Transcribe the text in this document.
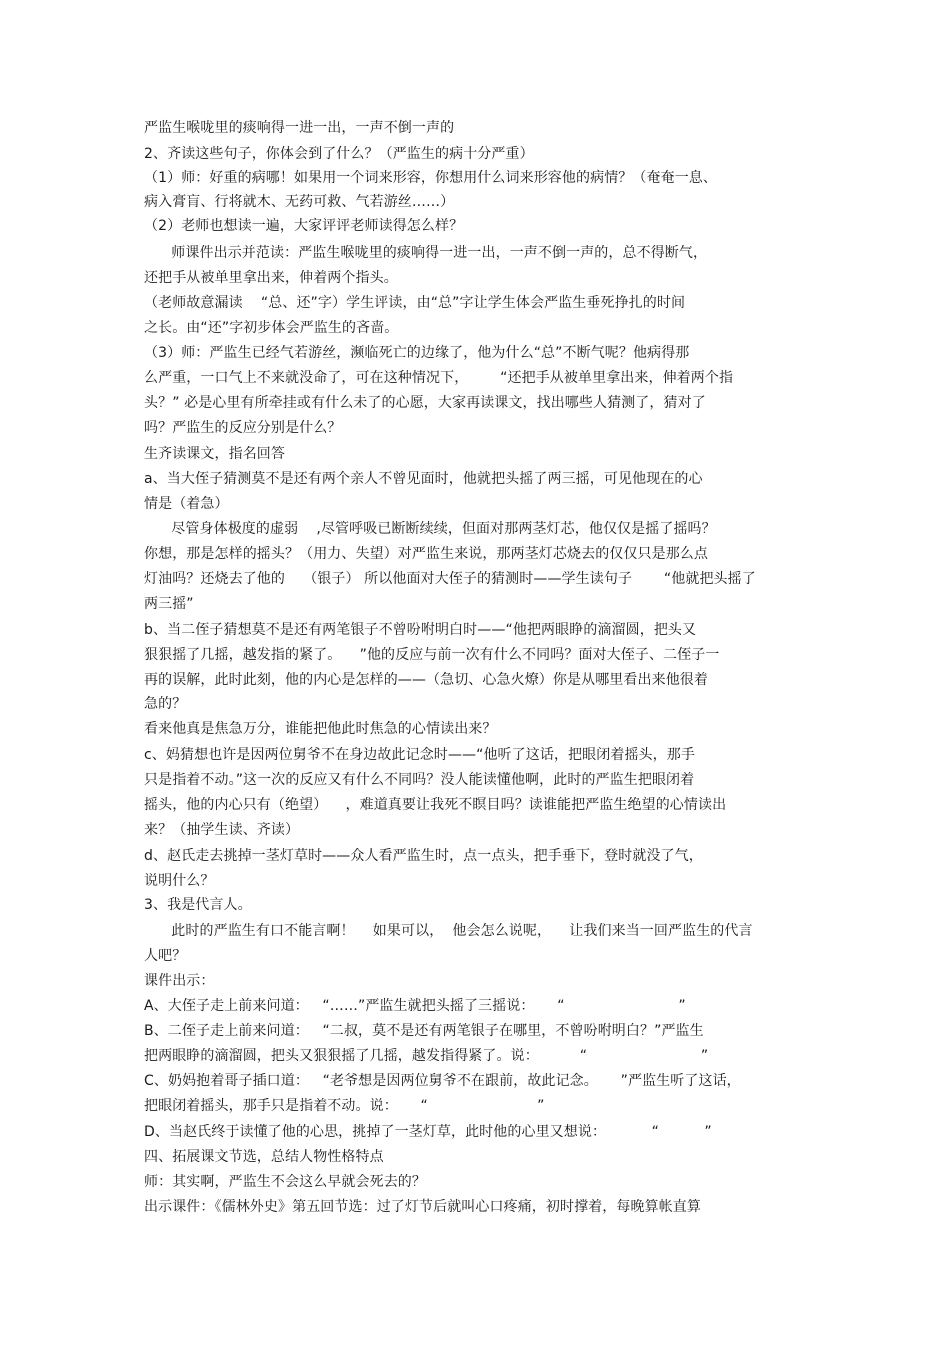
严监生喉咙里的痰响得一进一出，一声不倒一声的
2、齐读这些句子，你体会到了什么？（严监生的病十分严重）
（1）师：好重的病哪！如果用一个词来形容，你想用什么词来形容他的病情？（奄奄一息、
病入膏肓、行将就木、无药可救、气若游丝……）
（2）老师也想读一遍，大家评评老师读得怎么样？
师课件出示并范读：严监生喉咙里的痰响得一进一出，一声不倒一声的，总不得断气，
还把手从被单里拿出来，伸着两个指头。
（老师故意漏读    “总、还”字）学生评读，由“总”字让学生体会严监生垂死挣扎的时间
之长。由“还”字初步体会严监生的吝啬。
（3）师：严监生已经气若游丝，濒临死亡的边缘了，他为什么“总”不断气呢？他病得那
么严重，一口气上不来就没命了，可在这种情况下，       “还把手从被单里拿出来，伸着两个指
头？” 必是心里有所牵挂或有什么未了的心愿，大家再读课文，找出哪些人猜测了，猜对了
吗？严监生的反应分别是什么？
生齐读课文，指名回答
a、当大侄子猜测莫不是还有两个亲人不曾见面时，他就把头摇了两三摇，可见他现在的心
情是（着急）
尽管身体极度的虚弱    ,尽管呼吸已断断续续，但面对那两茎灯芯，他仅仅是摇了摇吗？
你想，那是怎样的摇头？（用力、失望）对严监生来说，那两茎灯芯烧去的仅仅只是那么点
灯油吗？还烧去了他的    （银子） 所以他面对大侄子的猜测时——学生读句子       “他就把头摇了
两三摇”
b、当二侄子猜想莫不是还有两笔银子不曾吩咐明白时——“他把两眼睁的滴溜圆，把头又
狠狠摇了几摇，越发指的紧了。    ”他的反应与前一次有什么不同吗？面对大侄子、二侄子一
再的误解，此时此刻，他的内心是怎样的——（急切、心急火燎）你是从哪里看出来他很着
急的？
看来他真是焦急万分，谁能把他此时焦急的心情读出来？
c、妈猜想也许是因两位舅爷不在身边故此记念时——“他听了这话，把眼闭着摇头，那手
只是指着不动。”这一次的反应又有什么不同吗？没人能读懂他啊，此时的严监生把眼闭着
摇头，他的内心只有（绝望）    ，难道真要让我死不瞑目吗？读谁能把严监生绝望的心情读出
来？（抽学生读、齐读）
d、赵氏走去挑掉一茎灯草时——众人看严监生时，点一点头，把手垂下，登时就没了气，
说明什么？
3、我是代言人。
此时的严监生有口不能言啊！    如果可以，  他会怎么说呢，    让我们来当一回严监生的代言
人吧？
课件出示：
A、大侄子走上前来问道：   “……”严监生就把头摇了三摇说：     “                         ”
B、二侄子走上前来问道：   “二叔，莫不是还有两笔银子在哪里，不曾吩咐明白？”严监生
把两眼睁的滴溜圆，把头又狠狠摇了几摇，越发指得紧了。说：         “                         ”
C、奶妈抱着哥子插口道：   “老爷想是因两位舅爷不在跟前，故此记念。     ”严监生听了这话，
把眼闭着摇头，那手只是指着不动。说：     “                        ”
D、当赵氏终于读懂了他的心思，挑掉了一茎灯草，此时他的心里又想说：          “          ”
四、拓展课文节选，总结人物性格特点
师：其实啊，严监生不会这么早就会死去的？
出示课件：《儒林外史》第五回节选：过了灯节后就叫心口疼痛，初时撑着，每晚算帐直算
